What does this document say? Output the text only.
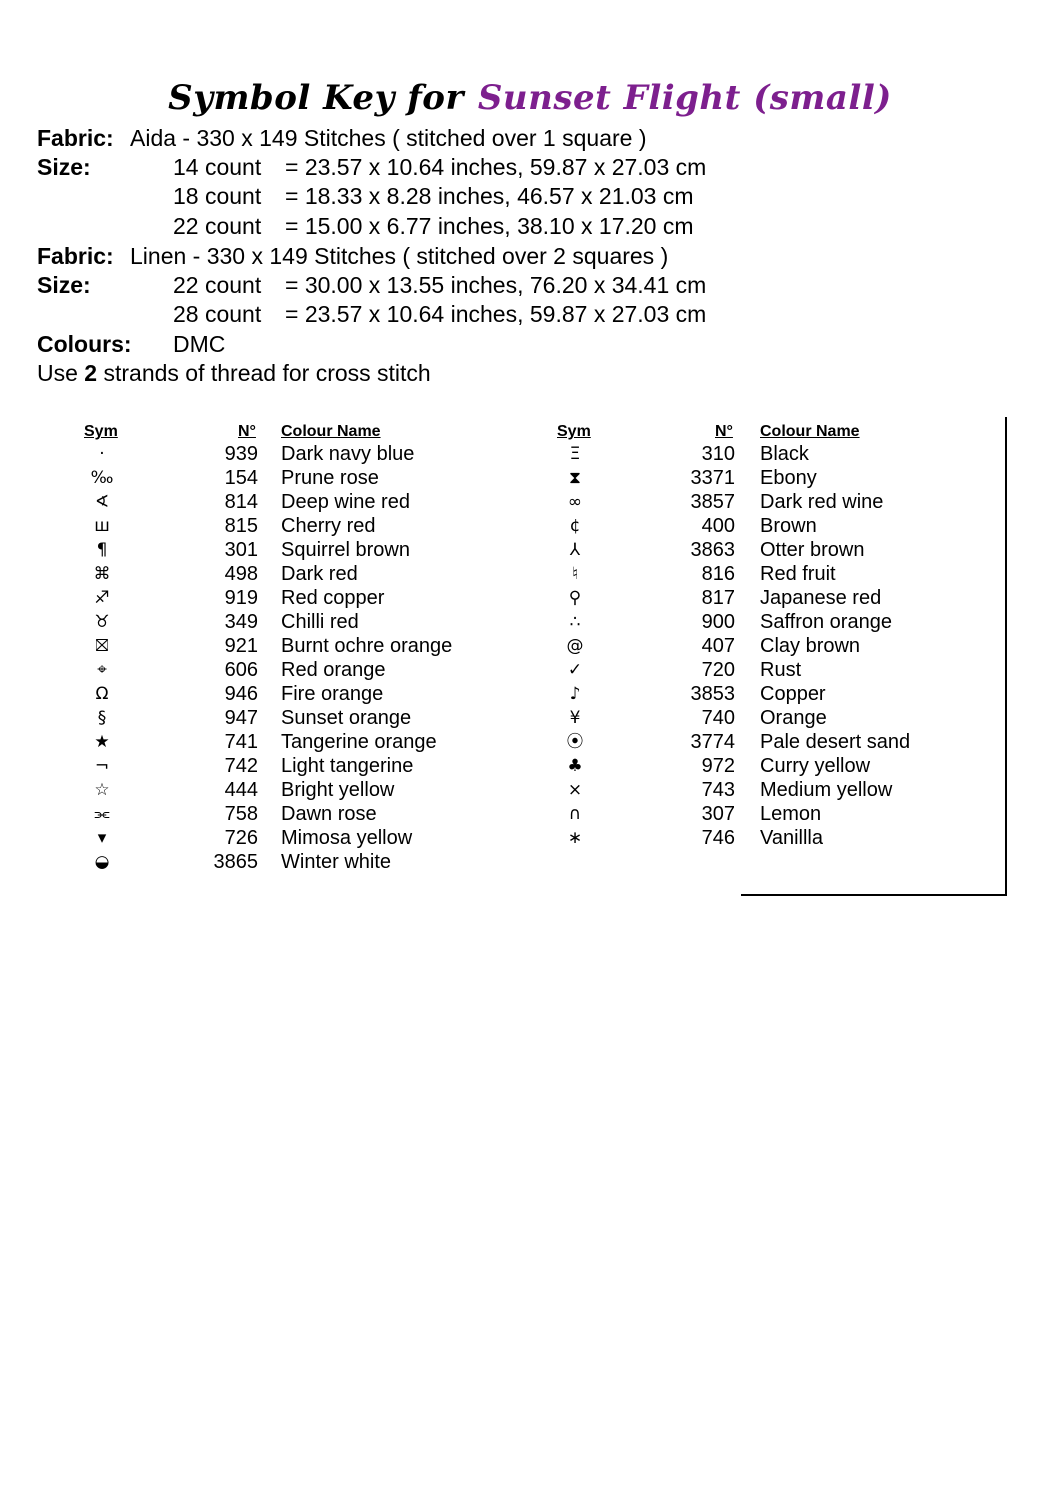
Symbol Key for Sunset Flight (small)
Fabric: Aida - 330 x 149 Stitches ( stitched over 1 square )
Size:	14 count = 23.57 x 10.64 inches, 59.87 x 27.03 cm
18 count = 18.33 x 8.28 inches, 46.57 x 21.03 cm
22 count = 15.00 x 6.77 inches, 38.10 x 17.20 cm
Fabric: Linen - 330 x 149 Stitches ( stitched over 2 squares )
Size:	22 count = 30.00 x 13.55 inches, 76.20 x 34.41 cm
28 count = 23.57 x 10.64 inches, 59.87 x 27.03 cm
Colours: DMC
Use 2 strands of thread for cross stitch
Sym	N° Colour Name	Sym	N° Colour Name
·	939 Dark navy blue
‰	154 Prune rose
∢	814 Deep wine red
ш	815 Cherry red
¶	301 Squirrel brown
⌘	498 Dark red
♐	919 Red copper
♉	349 Chilli red
⛝	921 Burnt ochre orange
⌖	606 Red orange
Ω	946 Fire orange
§	947 Sunset orange
★	741 Tangerine orange
¬	742 Light tangerine
☆	444 Bright yellow
⫘	758 Dawn rose
▾	726 Mimosa yellow
◒	3865 Winter white
Ξ	310 Black
⧗	3371 Ebony
∞	3857 Dark red wine
¢	400 Brown
⅄	3863 Otter brown
♮	816 Red fruit
⚲	817 Japanese red
∴	900 Saffron orange
@	407 Clay brown
✓	720 Rust
♪	3853 Copper
¥	740 Orange
⦿	3774 Pale desert sand
♣	972 Curry yellow
⨯	743 Medium yellow
∩	307 Lemon
∗	746 Vanillla
